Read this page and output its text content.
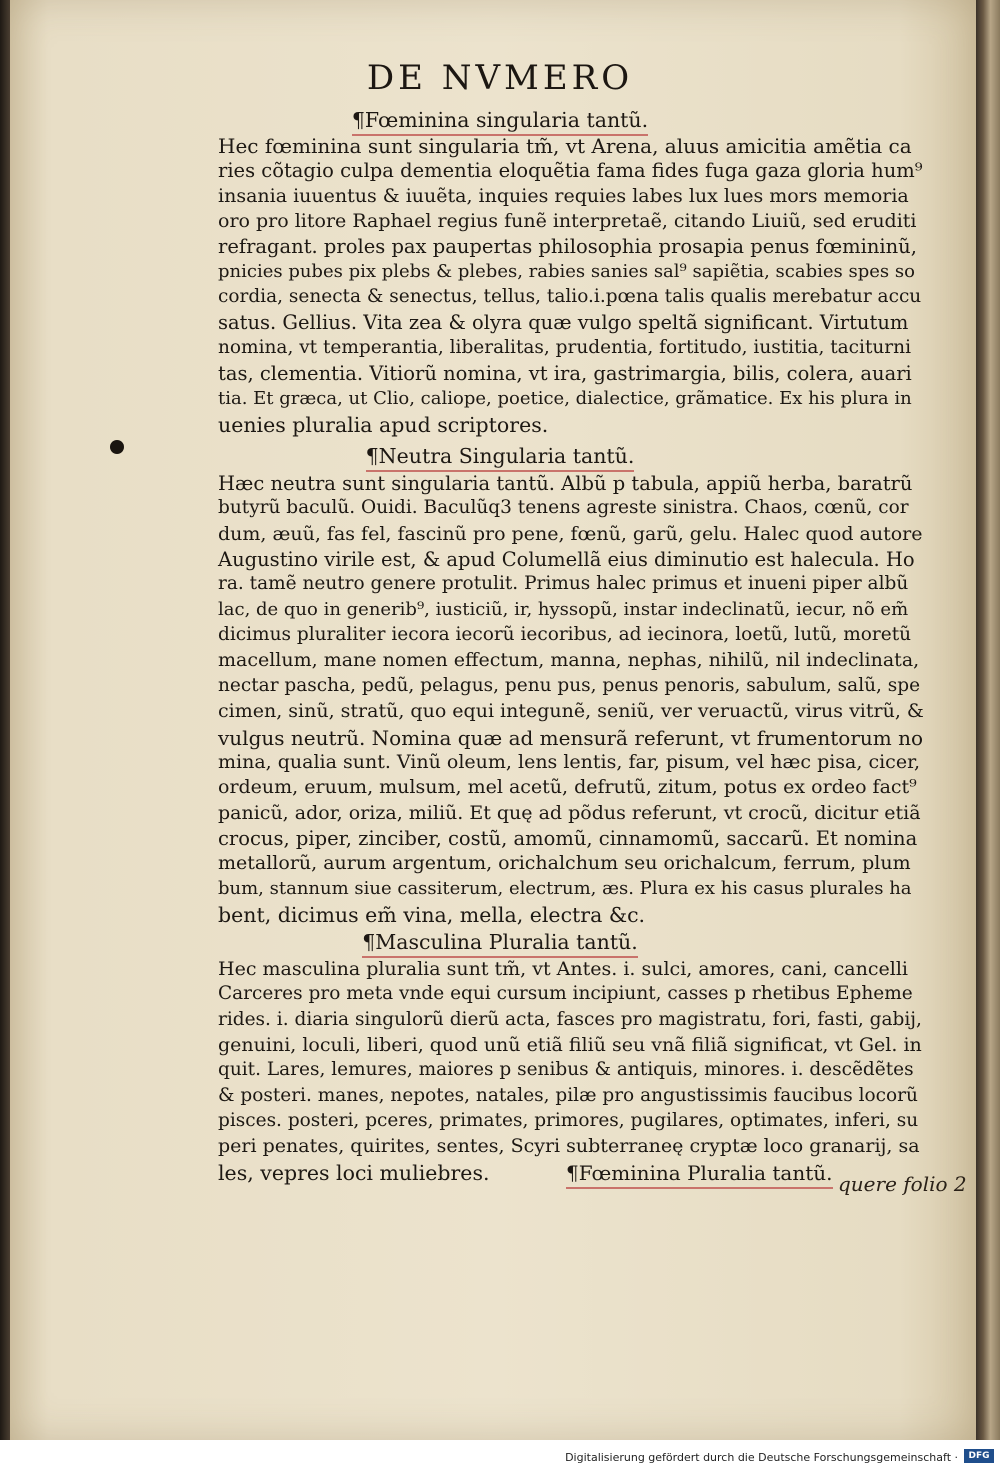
DE NVMERO
¶Fœminina singularia tantũ.
Hec fœminina sunt singularia tm̃, vt Arena, aluus amicitia amẽtia ca
ries cõtagio culpa dementia eloquẽtia fama fides fuga gaza gloria hum⁹
insania iuuentus & iuuẽta, inquies requies labes lux lues mors memoria
oro pro litore Raphael regius funẽ interpretaẽ, citando Liuiũ, sed eruditi
refragant. proles pax paupertas philosophia prosapia penus fœmininũ,
pnicies pubes pix plebs & plebes, rabies sanies sal⁹ sapiẽtia, scabies spes so
cordia, senecta & senectus, tellus, talio.i.pœna talis qualis merebatur accu
satus. Gellius. Vita zea & olyra quæ vulgo speltã significant. Virtutum
nomina, vt temperantia, liberalitas, prudentia, fortitudo, iustitia, taciturni
tas, clementia. Vitiorũ nomina, vt ira, gastrimargia, bilis, colera, auari
tia. Et græca, ut Clio, caliope, poetice, dialectice, grãmatice. Ex his plura in
uenies pluralia apud scriptores.
¶Neutra Singularia tantũ.
Hæc neutra sunt singularia tantũ. Albũ p tabula, appiũ herba, baratrũ
butyrũ baculũ. Ouidi. Baculũq3 tenens agreste sinistra. Chaos, cœnũ, cor
dum, æuũ, fas fel, fascinũ pro pene, fœnũ, garũ, gelu. Halec quod autore
Augustino virile est, & apud Columellã eius diminutio est halecula. Ho
ra. tamẽ neutro genere protulit. Primus halec primus et inueni piper albũ
lac, de quo in generib⁹, iusticiũ, ir, hyssopũ, instar indeclinatũ, iecur, nõ em̃
dicimus pluraliter iecora iecorũ iecoribus, ad iecinora, loetũ, lutũ, moretũ
macellum, mane nomen effectum, manna, nephas, nihilũ, nil indeclinata,
nectar pascha, pedũ, pelagus, penu pus, penus penoris, sabulum, salũ, spe
cimen, sinũ, stratũ, quo equi integunẽ, seniũ, ver veruactũ, virus vitrũ, &
vulgus neutrũ. Nomina quæ ad mensurã referunt, vt frumentorum no
mina, qualia sunt. Vinũ oleum, lens lentis, far, pisum, vel hæc pisa, cicer,
ordeum, eruum, mulsum, mel acetũ, defrutũ, zitum, potus ex ordeo fact⁹
panicũ, ador, oriza, miliũ. Et quę ad põdus referunt, vt crocũ, dicitur etiã
crocus, piper, zinciber, costũ, amomũ, cinnamomũ, saccarũ. Et nomina
metallorũ, aurum argentum, orichalchum seu orichalcum, ferrum, plum
bum, stannum siue cassiterum, electrum, æs. Plura ex his casus plurales ha
bent, dicimus em̃ vina, mella, electra &c.
¶Masculina Pluralia tantũ.
Hec masculina pluralia sunt tm̃, vt Antes. i. sulci, amores, cani, cancelli
Carceres pro meta vnde equi cursum incipiunt, casses p rhetibus Epheme
rides. i. diaria singulorũ dierũ acta, fasces pro magistratu, fori, fasti, gabij,
genuini, loculi, liberi, quod unũ etiã filiũ seu vnã filiã significat, vt Gel. in
quit. Lares, lemures, maiores p senibus & antiquis, minores. i. descẽdẽtes
& posteri. manes, nepotes, natales, pilæ pro angustissimis faucibus locorũ
pisces. posteri, pceres, primates, primores, pugilares, optimates, inferi, su
peri penates, quirites, sentes, Scyri subterraneę cryptæ loco granarij, sa
les, vepres loci muliebres.	¶Fœminina Pluralia tantũ. quere folio 2
Digitalisierung gefördert durch die Deutsche Forschungsgemeinschaft ·	DFG
